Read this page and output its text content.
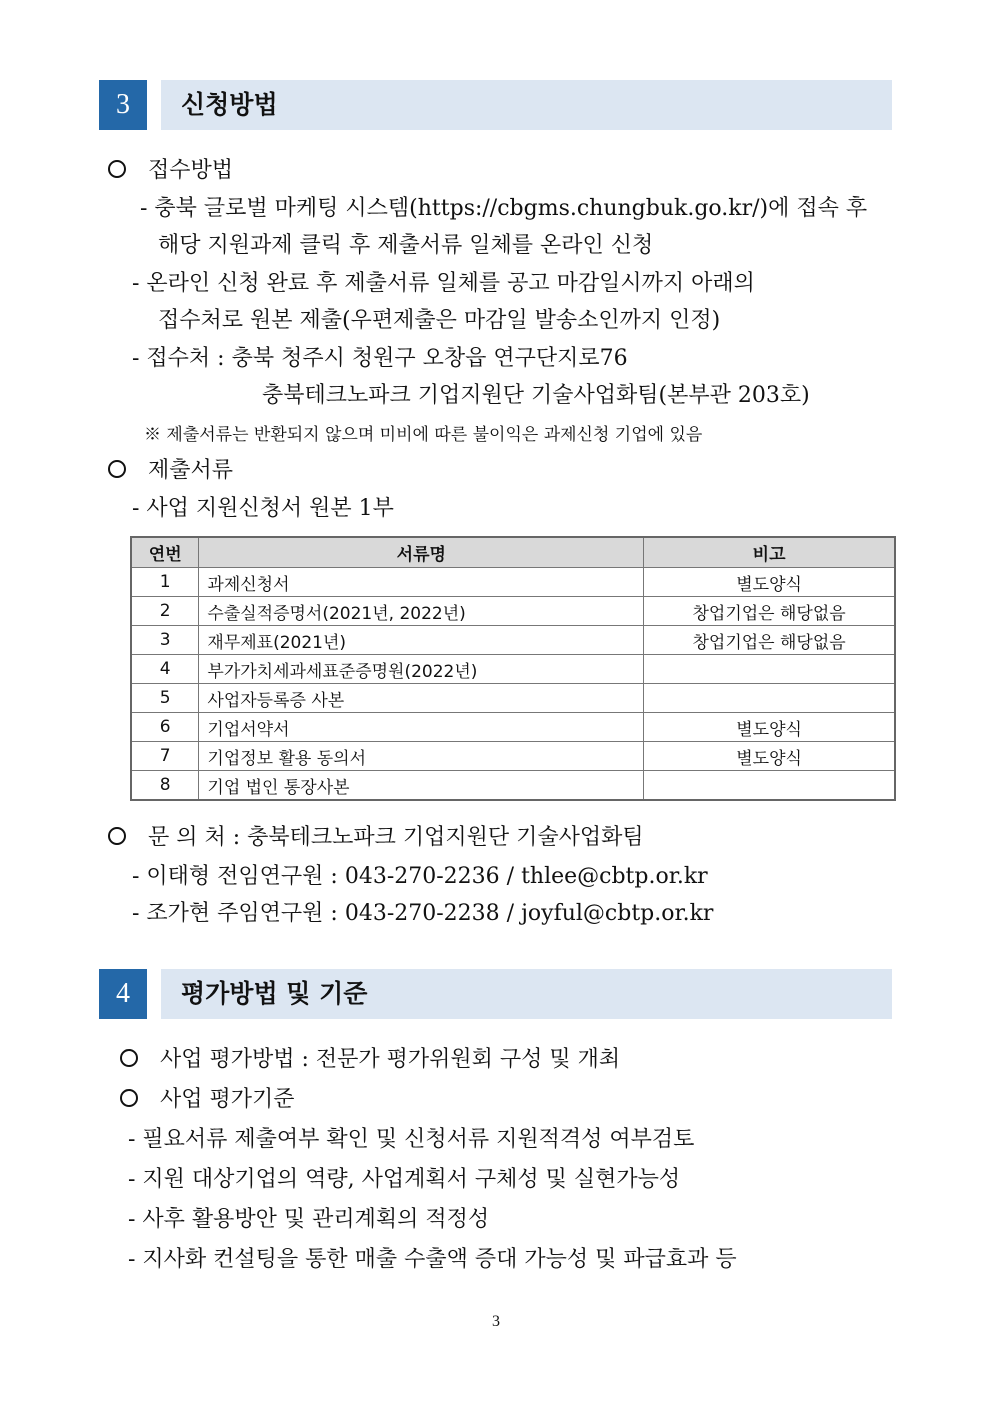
3	신청방법
접수방법
- 충북 글로벌 마케팅 시스템(https://cbgms.chungbuk.go.kr/)에 접속 후
해당 지원과제 클릭 후 제출서류 일체를 온라인 신청
- 온라인 신청 완료 후 제출서류 일체를 공고 마감일시까지 아래의
접수처로 원본 제출(우편제출은 마감일 발송소인까지 인정)
- 접수처 : 충북 청주시 청원구 오창읍 연구단지로76
충북테크노파크 기업지원단 기술사업화팀(본부관 203호)
※ 제출서류는 반환되지 않으며 미비에 따른 불이익은 과제신청 기업에 있음
제출서류
- 사업 지원신청서 원본 1부
연번	서류명	비고
1	과제신청서	별도양식
2	수출실적증명서(2021년, 2022년)	창업기업은 해당없음
3	재무제표(2021년)	창업기업은 해당없음
4	부가가치세과세표준증명원(2022년)	
5	사업자등록증 사본	
6	기업서약서	별도양식
7	기업정보 활용 동의서	별도양식
8	기업 법인 통장사본	
문 의 처 : 충북테크노파크 기업지원단 기술사업화팀
- 이태형 전임연구원 : 043-270-2236 / thlee@cbtp.or.kr
- 조가현 주임연구원 : 043-270-2238 / joyful@cbtp.or.kr
4	평가방법 및 기준
사업 평가방법 : 전문가 평가위원회 구성 및 개최
사업 평가기준
- 필요서류 제출여부 확인 및 신청서류 지원적격성 여부검토
- 지원 대상기업의 역량, 사업계획서 구체성 및 실현가능성
- 사후 활용방안 및 관리계획의 적정성
- 지사화 컨설팅을 통한 매출 수출액 증대 가능성 및 파급효과 등
3
